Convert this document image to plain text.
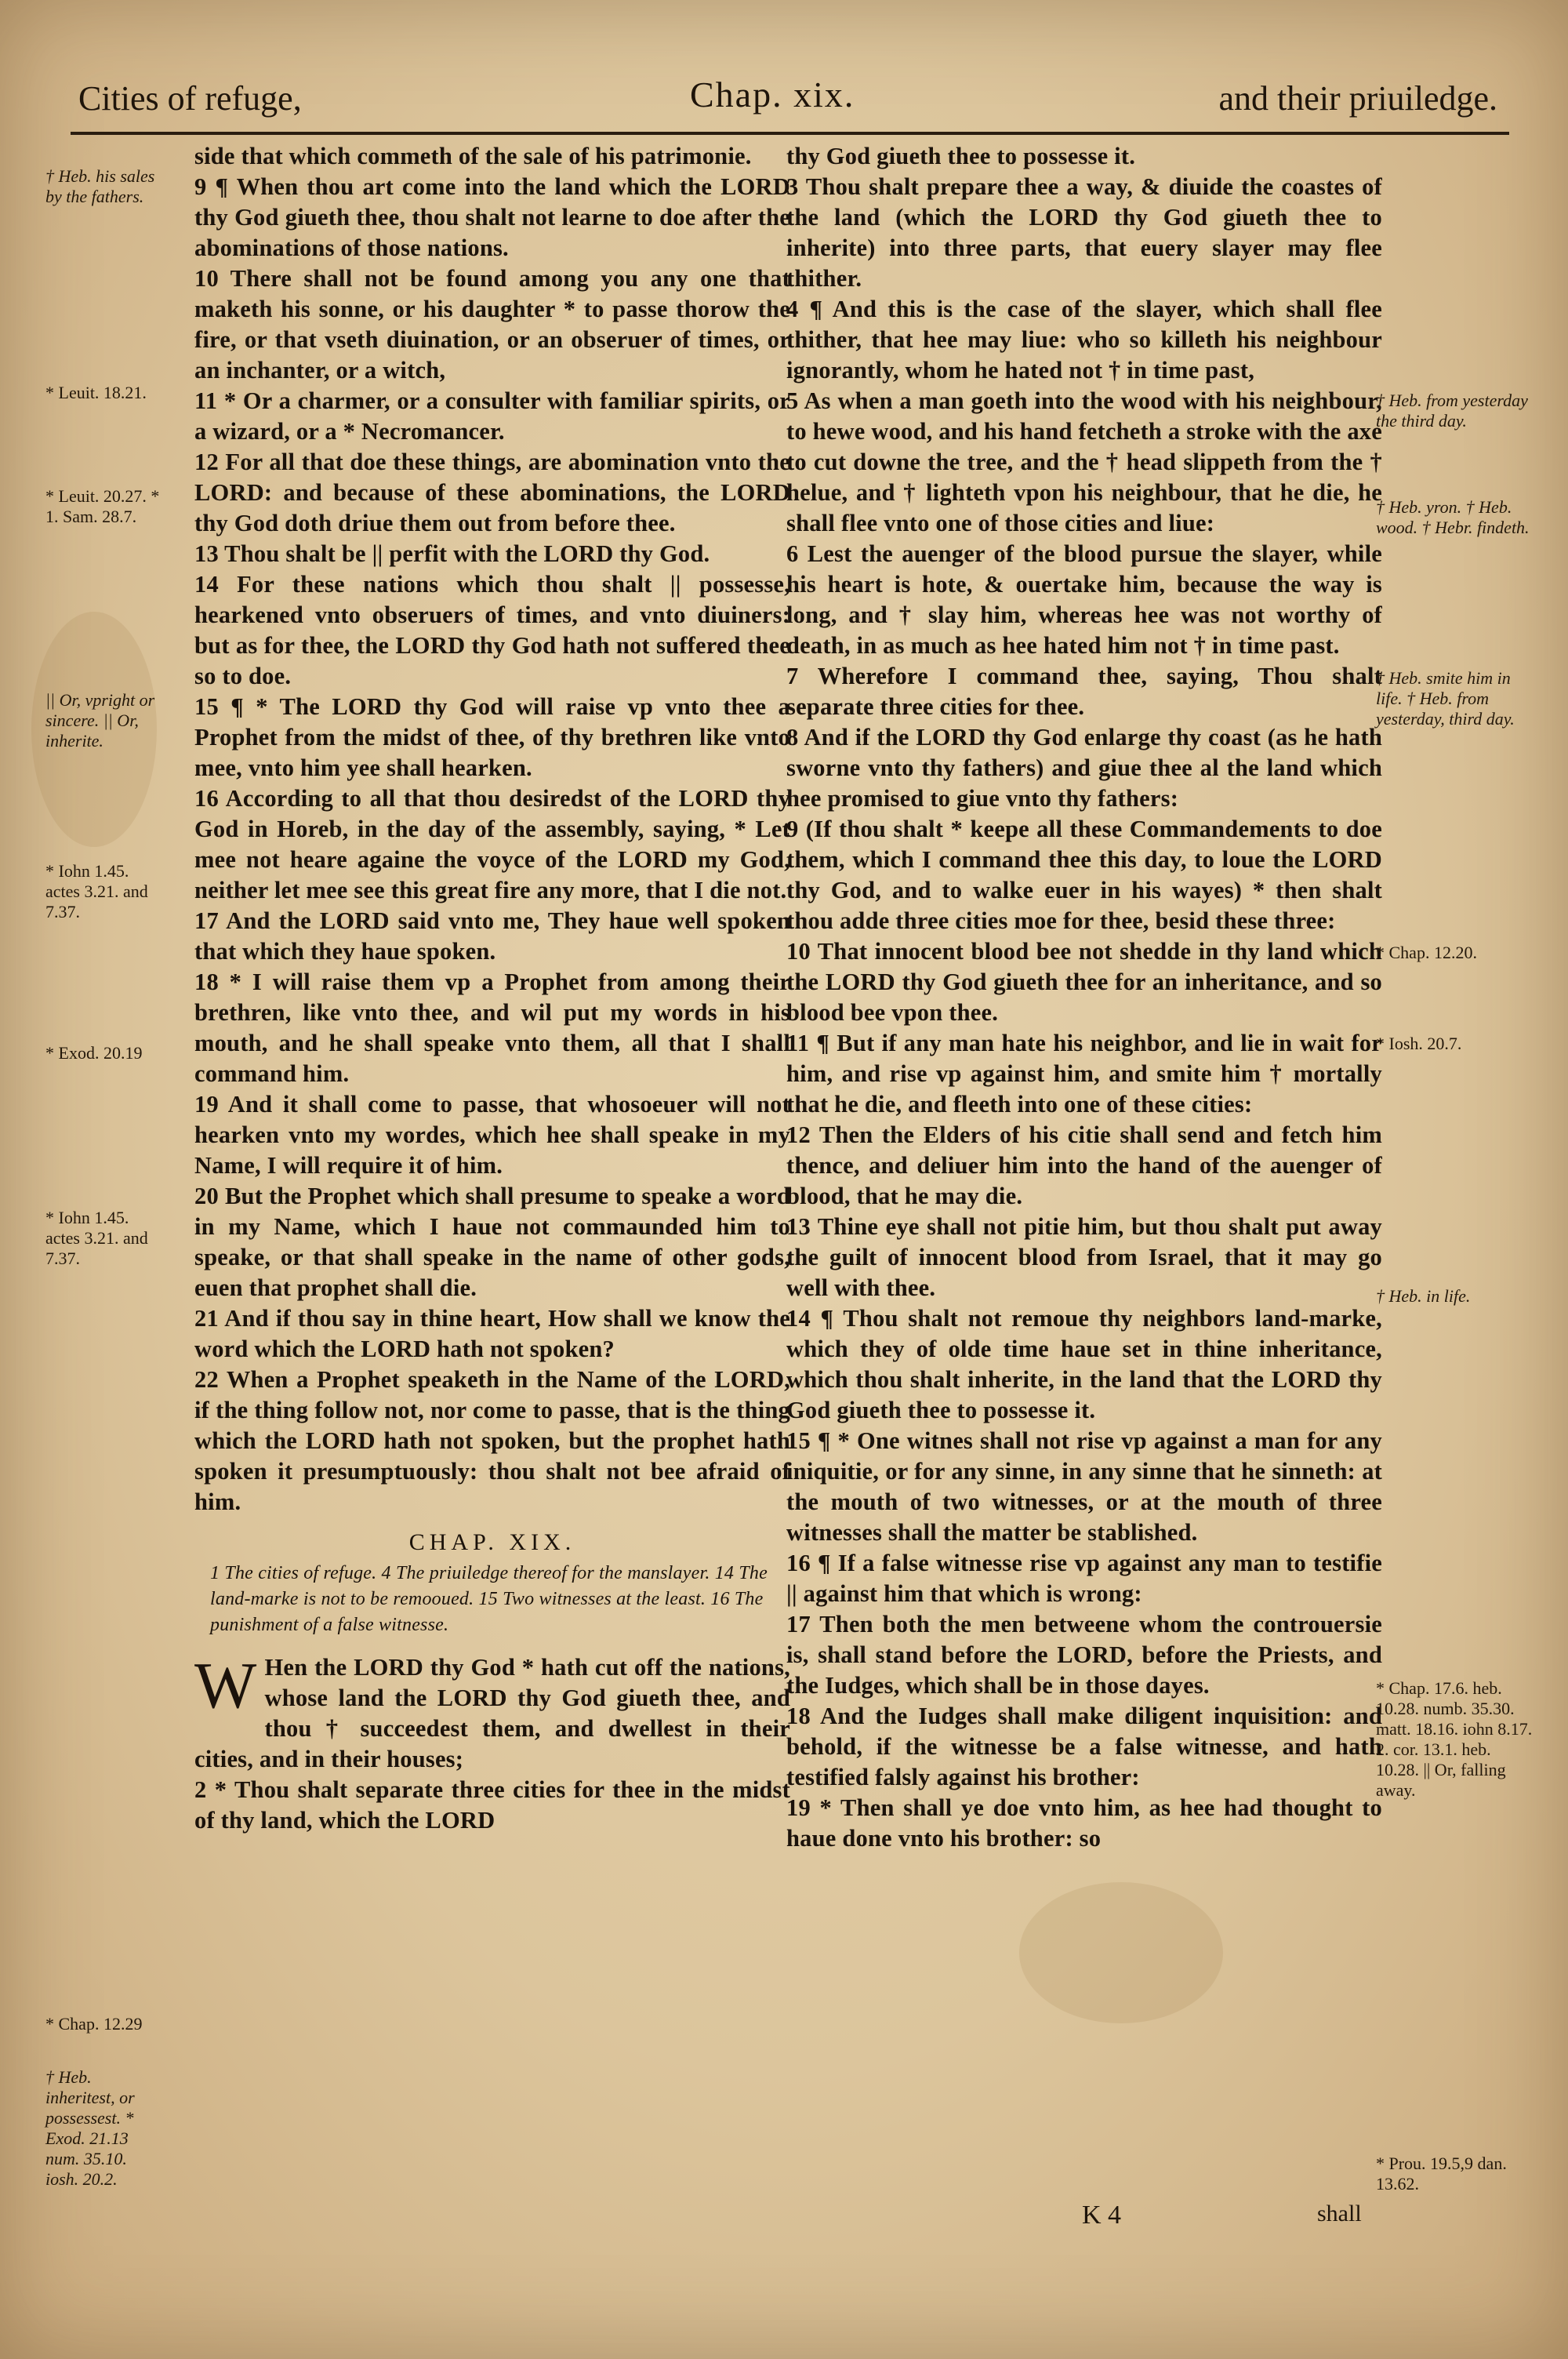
Cities of refuge,	Chap. xix.	and their priuiledge.
† Heb. his sales by the fathers.
* Leuit. 18.21.
* Leuit. 20.27. * 1. Sam. 28.7.
|| Or, vpright or sincere. || Or, inherite.
* Iohn 1.45. actes 3.21. and 7.37.
* Exod. 20.19
* Iohn 1.45. actes 3.21. and 7.37.
* Chap. 12.29
† Heb. inheritest, or possessest. * Exod. 21.13 num. 35.10. iosh. 20.2.

side that which commeth of the sale of his patrimonie.

9 ¶ When thou art come into the land which the LORD thy God giueth thee, thou shalt not learne to doe after the abominations of those nations.

10 There shall not be found among you any one that maketh his sonne, or his daughter * to passe thorow the fire, or that vseth diuination, or an obseruer of times, or an inchanter, or a witch,

11 * Or a charmer, or a consulter with familiar spirits, or a wizard, or a * Necromancer.

12 For all that doe these things, are abomination vnto the LORD: and because of these abominations, the LORD thy God doth driue them out from before thee.

13 Thou shalt be || perfit with the LORD thy God.

14 For these nations which thou shalt || possesse, hearkened vnto obseruers of times, and vnto diuiners: but as for thee, the LORD thy God hath not suffered thee so to doe.

15 ¶ * The LORD thy God will raise vp vnto thee a Prophet from the midst of thee, of thy brethren like vnto mee, vnto him yee shall hearken.

16 According to all that thou desiredst of the LORD thy God in Horeb, in the day of the assembly, saying, * Let mee not heare againe the voyce of the LORD my God, neither let mee see this great fire any more, that I die not.

17 And the LORD said vnto me, They haue well spoken that which they haue spoken.

18 * I will raise them vp a Prophet from among their brethren, like vnto thee, and wil put my words in his mouth, and he shall speake vnto them, all that I shall command him.

19 And it shall come to passe, that whosoeuer will not hearken vnto my wordes, which hee shall speake in my Name, I will require it of him.

20 But the Prophet which shall presume to speake a word in my Name, which I haue not commaunded him to speake, or that shall speake in the name of other gods, euen that prophet shall die.

21 And if thou say in thine heart, How shall we know the word which the LORD hath not spoken?

22 When a Prophet speaketh in the Name of the LORD, if the thing follow not, nor come to passe, that is the thing which the LORD hath not spoken, but the prophet hath spoken it presumptuously: thou shalt not bee afraid of him.

CHAP. XIX.
1 The cities of refuge. 4 The priuiledge thereof for the manslayer. 14 The land-marke is not to be remooued. 15 Two witnesses at the least. 16 The punishment of a false witnesse.

W Hen the LORD thy God * hath cut off the nations, whose land the LORD thy God giueth thee, and thou † succeedest them, and dwellest in their cities, and in their houses;

2 * Thou shalt separate three cities for thee in the midst of thy land, which the LORD

thy God giueth thee to possesse it.

3 Thou shalt prepare thee a way, & diuide the coastes of the land (which the LORD thy God giueth thee to inherite) into three parts, that euery slayer may flee thither.

4 ¶ And this is the case of the slayer, which shall flee thither, that hee may liue: who so killeth his neighbour ignorantly, whom he hated not † in time past,

5 As when a man goeth into the wood with his neighbour, to hewe wood, and his hand fetcheth a stroke with the axe to cut downe the tree, and the † head slippeth from the † helue, and † lighteth vpon his neighbour, that he die, he shall flee vnto one of those cities and liue:

6 Lest the auenger of the blood pursue the slayer, while his heart is hote, & ouertake him, because the way is long, and † slay him, whereas hee was not worthy of death, in as much as hee hated him not † in time past.

7 Wherefore I command thee, saying, Thou shalt separate three cities for thee.

8 And if the LORD thy God enlarge thy coast (as he hath sworne vnto thy fathers) and giue thee al the land which hee promised to giue vnto thy fathers:

9 (If thou shalt * keepe all these Commandements to doe them, which I command thee this day, to loue the LORD thy God, and to walke euer in his wayes) * then shalt thou adde three cities moe for thee, besid these three:

10 That innocent blood bee not shedde in thy land which the LORD thy God giueth thee for an inheritance, and so blood bee vpon thee.

11 ¶ But if any man hate his neighbor, and lie in wait for him, and rise vp against him, and smite him † mortally that he die, and fleeth into one of these cities:

12 Then the Elders of his citie shall send and fetch him thence, and deliuer him into the hand of the auenger of blood, that he may die.

13 Thine eye shall not pitie him, but thou shalt put away the guilt of innocent blood from Israel, that it may go well with thee.

14 ¶ Thou shalt not remoue thy neighbors land-marke, which they of olde time haue set in thine inheritance, which thou shalt inherite, in the land that the LORD thy God giueth thee to possesse it.

15 ¶ * One witnes shall not rise vp against a man for any iniquitie, or for any sinne, in any sinne that he sinneth: at the mouth of two witnesses, or at the mouth of three witnesses shall the matter be stablished.

16 ¶ If a false witnesse rise vp against any man to testifie || against him that which is wrong:

17 Then both the men betweene whom the controuersie is, shall stand before the LORD, before the Priests, and the Iudges, which shall be in those dayes.

18 And the Iudges shall make diligent inquisition: and behold, if the witnesse be a false witnesse, and hath testified falsly against his brother:

19 * Then shall ye doe vnto him, as hee had thought to haue done vnto his brother: so

† Heb. from yesterday the third day.
† Heb. yron. † Heb. wood. † Hebr. findeth.
† Heb. smite him in life. † Heb. from yesterday, third day.
* Chap. 12.20.
* Iosh. 20.7.
† Heb. in life.
* Chap. 17.6. heb. 10.28. numb. 35.30. matt. 18.16. iohn 8.17. 2. cor. 13.1. heb. 10.28. || Or, falling away.
* Prou. 19.5,9 dan. 13.62.
K 4	shall
